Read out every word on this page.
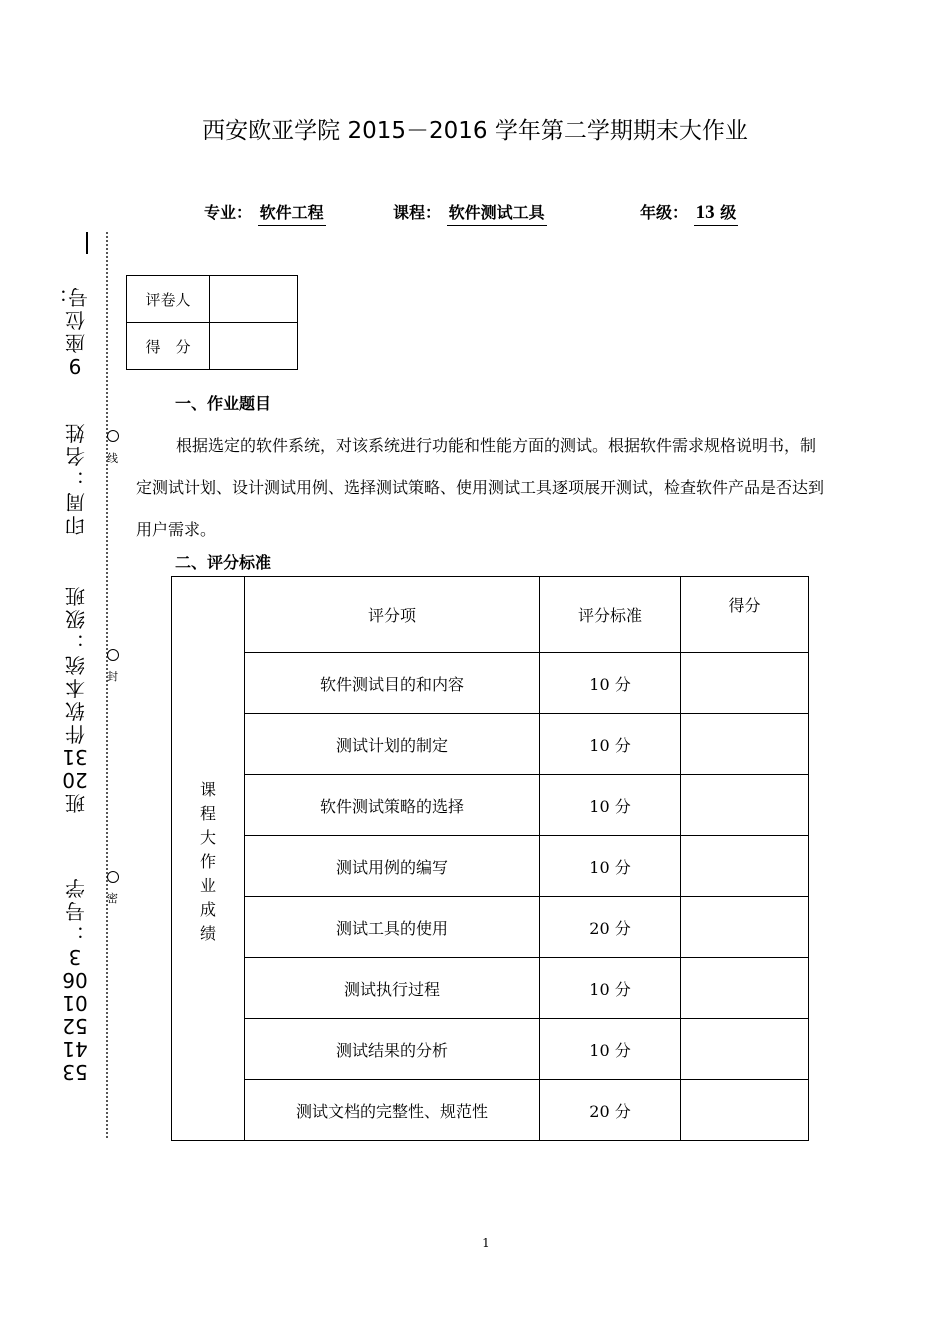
西安欧亚学院 2015－2016 学年第二学期期末大作业
专业： 软件工程	课程： 软件测试工具	年级： 13 级
线
封
密
9 座位号：
印周 ：名姓
班 2031 件软本统 ：级班
53415201063 ：号学
评卷人	
得　分	
一、作业题目
根据选定的软件系统，对该系统进行功能和性能方面的测试。根据软件需求规格说明书，制定测试计划、设计测试用例、选择测试策略、使用测试工具逐项展开测试，检查软件产品是否达到用户需求。
二、评分标准
课程大作业成绩	评分项	评分标准	得分
	软件测试目的和内容	10 分	
	测试计划的制定	10 分	
	软件测试策略的选择	10 分	
	测试用例的编写	10 分	
	测试工具的使用	20 分	
	测试执行过程	10 分	
	测试结果的分析	10 分	
	测试文档的完整性、规范性	20 分	
1
